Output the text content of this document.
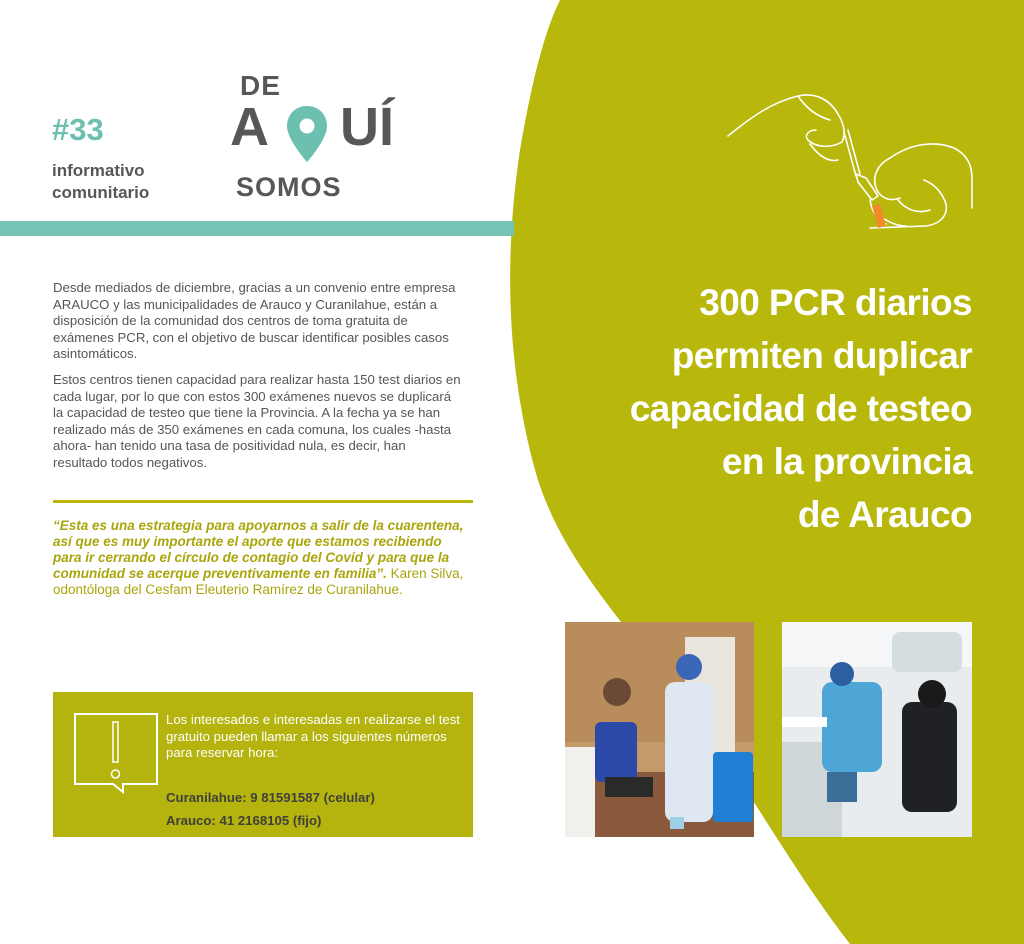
#33
informativo
comunitario
DE
A UÍ
SOMOS

Desde mediados de diciembre, gracias a un convenio entre empresa ARAUCO y las municipalidades de Arauco y Curanilahue, están a disposición de la comunidad dos centros de toma gratuita de exámenes PCR, con el objetivo de buscar identificar posibles casos asintomáticos.

Estos centros tienen capacidad para realizar hasta 150 test diarios en cada lugar, por lo que con estos 300 exámenes nuevos se duplicará la capacidad de testeo que tiene la Provincia. A la fecha ya se han realizado más de 350 exámenes en cada comuna, los cuales -hasta ahora- han tenido una tasa de positividad nula, es decir, han resultado todos negativos.

“Esta es una estrategia para apoyarnos a salir de la cuarentena, así que es muy importante el aporte que estamos recibiendo para ir cerrando el círculo de contagio del Covid y para que la comunidad se acerque preventivamente en familia”. Karen Silva, odontóloga del Cesfam Eleuterio Ramírez de Curanilahue.
Los interesados e interesadas en realizarse el test gratuito pueden llamar a los siguientes números para reservar hora:
Curanilahue: 9 81591587 (celular)
Arauco: 41 2168105 (fijo)
300 PCR diarios
permiten duplicar
capacidad de testeo
en la provincia
de Arauco
